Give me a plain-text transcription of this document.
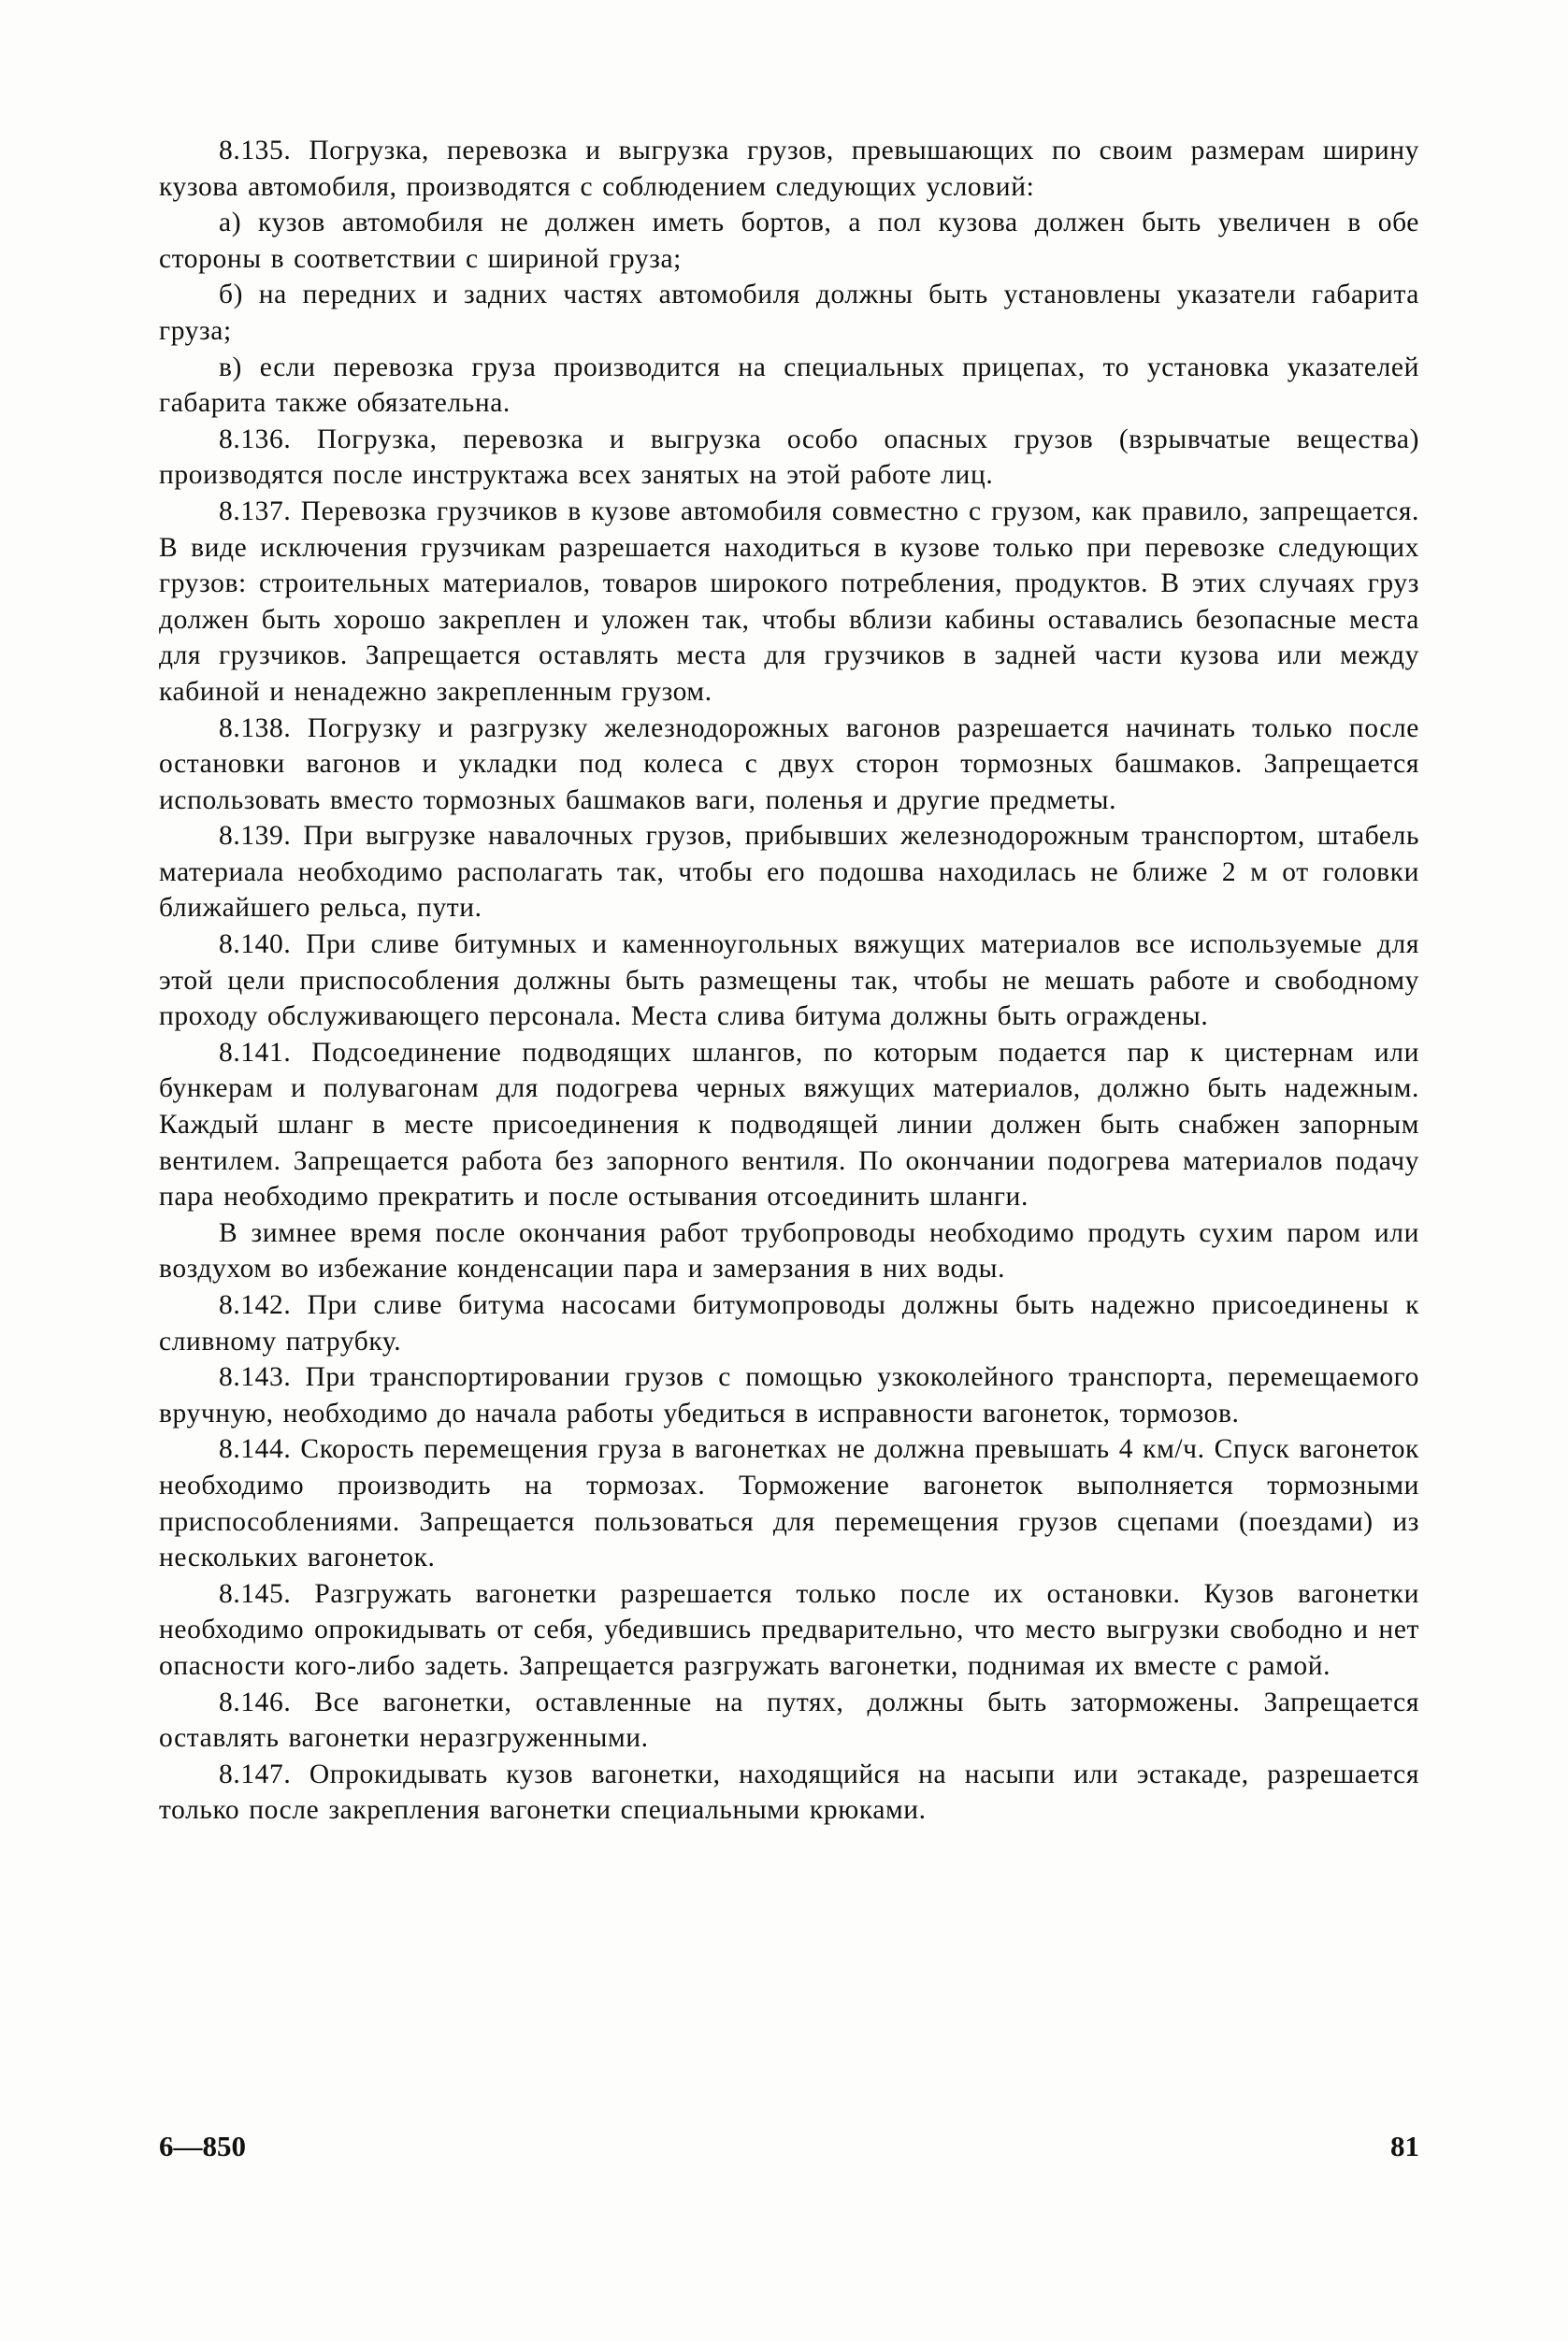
8.135. Погрузка, перевозка и выгрузка грузов, превышающих по своим размерам ширину кузова автомобиля, производятся с соблюдением следующих условий:

а) кузов автомобиля не должен иметь бортов, а пол кузова должен быть увеличен в обе стороны в соответствии с шириной груза;

б) на передних и задних частях автомобиля должны быть установлены указатели габарита груза;

в) если перевозка груза производится на специальных прицепах, то установка указателей габарита также обязательна.

8.136. Погрузка, перевозка и выгрузка особо опасных грузов (взрывчатые вещества) производятся после инструктажа всех занятых на этой работе лиц.

8.137. Перевозка грузчиков в кузове автомобиля совместно с грузом, как правило, запрещается. В виде исключения грузчикам разрешается находиться в кузове только при перевозке следующих грузов: строительных материалов, товаров широкого потребления, продуктов. В этих случаях груз должен быть хорошо закреплен и уложен так, чтобы вблизи кабины оставались безопасные места для грузчиков. Запрещается оставлять места для грузчиков в задней части кузова или между кабиной и ненадежно закрепленным грузом.

8.138. Погрузку и разгрузку железнодорожных вагонов разрешается начинать только после остановки вагонов и укладки под колеса с двух сторон тормозных башмаков. Запрещается использовать вместо тормозных башмаков ваги, поленья и другие предметы.

8.139. При выгрузке навалочных грузов, прибывших железнодорожным транспортом, штабель материала необходимо располагать так, чтобы его подошва находилась не ближе 2 м от головки ближайшего рельса, пути.

8.140. При сливе битумных и каменноугольных вяжущих материалов все используемые для этой цели приспособления должны быть размещены так, чтобы не мешать работе и свободному проходу обслуживающего персонала. Места слива битума должны быть ограждены.

8.141. Подсоединение подводящих шлангов, по которым подается пар к цистернам или бункерам и полувагонам для подогрева черных вяжущих материалов, должно быть надежным. Каждый шланг в месте присоединения к подводящей линии должен быть снабжен запорным вентилем. Запрещается работа без запорного вентиля. По окончании подогрева материалов подачу пара необходимо прекратить и после остывания отсоединить шланги.

В зимнее время после окончания работ трубопроводы необходимо продуть сухим паром или воздухом во избежание конденсации пара и замерзания в них воды.

8.142. При сливе битума насосами битумопроводы должны быть надежно присоединены к сливному патрубку.

8.143. При транспортировании грузов с помощью узкоколейного транспорта, перемещаемого вручную, необходимо до начала работы убедиться в исправности вагонеток, тормозов.

8.144. Скорость перемещения груза в вагонетках не должна превышать 4 км/ч. Спуск вагонеток необходимо производить на тормозах. Торможение вагонеток выполняется тормозными приспособлениями. Запрещается пользоваться для перемещения грузов сцепами (поездами) из нескольких вагонеток.

8.145. Разгружать вагонетки разрешается только после их остановки. Кузов вагонетки необходимо опрокидывать от себя, убедившись предварительно, что место выгрузки свободно и нет опасности кого-либо задеть. Запрещается разгружать вагонетки, поднимая их вместе с рамой.

8.146. Все вагонетки, оставленные на путях, должны быть заторможены. Запрещается оставлять вагонетки неразгруженными.

8.147. Опрокидывать кузов вагонетки, находящийся на насыпи или эстакаде, разрешается только после закрепления вагонетки специальными крюками.

6—850	81
